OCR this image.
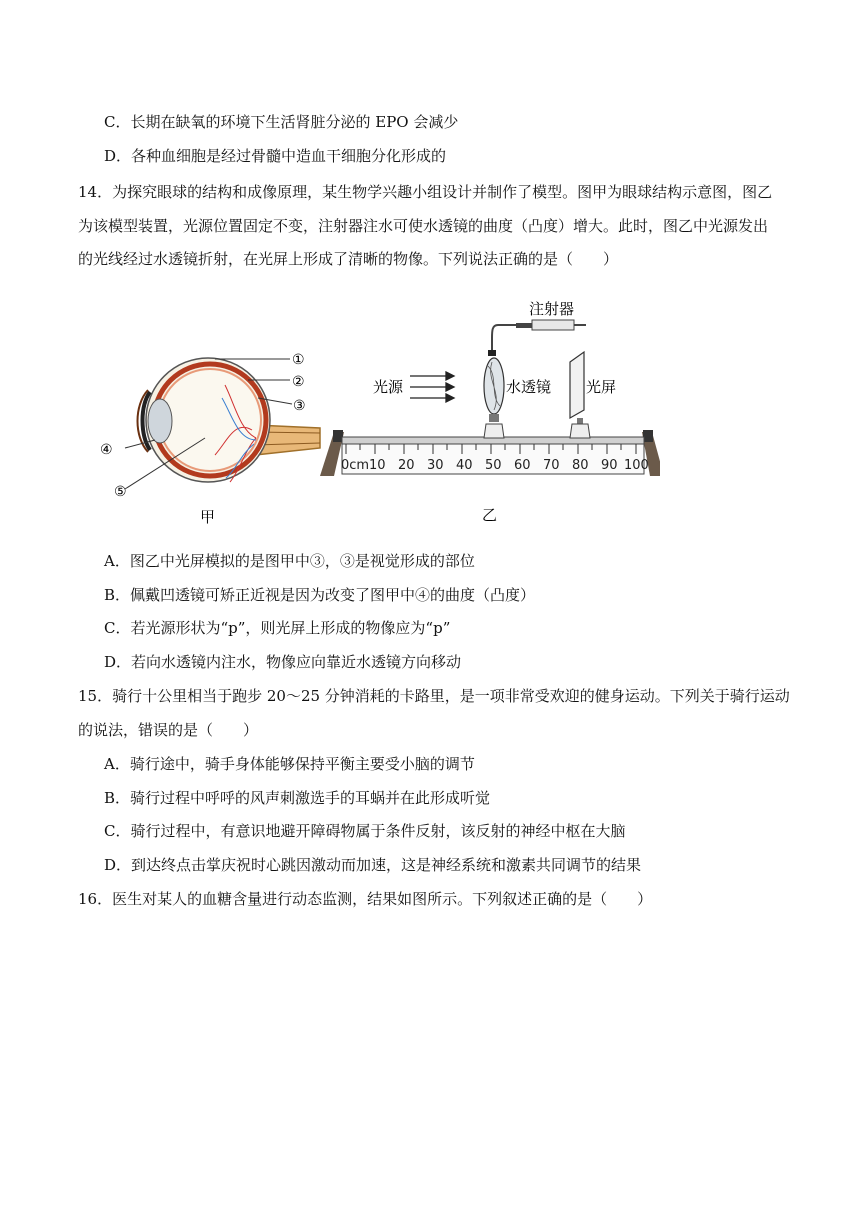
C．长期在缺氧的环境下生活肾脏分泌的 EPO 会减少
D．各种血细胞是经过骨髓中造血干细胞分化形成的
14．为探究眼球的结构和成像原理，某生物学兴趣小组设计并制作了模型。图甲为眼球结构示意图，图乙
为该模型装置，光源位置固定不变，注射器注水可使水透镜的曲度（凸度）增大。此时，图乙中光源发出
的光线经过水透镜折射，在光屏上形成了清晰的物像。下列说法正确的是（　　）
①
②
③
④
⑤
甲
0cm 10 20 30 40 50 60 70 80 90 100
光源
注射器
水透镜 光屏
乙
A．图乙中光屏模拟的是图甲中③，③是视觉形成的部位
B．佩戴凹透镜可矫正近视是因为改变了图甲中④的曲度（凸度）
C．若光源形状为“p”，则光屏上形成的物像应为“p”
D．若向水透镜内注水，物像应向靠近水透镜方向移动
15．骑行十公里相当于跑步 20～25 分钟消耗的卡路里，是一项非常受欢迎的健身运动。下列关于骑行运动
的说法，错误的是（　　）
A．骑行途中，骑手身体能够保持平衡主要受小脑的调节
B．骑行过程中呼呼的风声刺激选手的耳蜗并在此形成听觉
C．骑行过程中，有意识地避开障碍物属于条件反射，该反射的神经中枢在大脑
D．到达终点击掌庆祝时心跳因激动而加速，这是神经系统和激素共同调节的结果
16．医生对某人的血糖含量进行动态监测，结果如图所示。下列叙述正确的是（　　）
